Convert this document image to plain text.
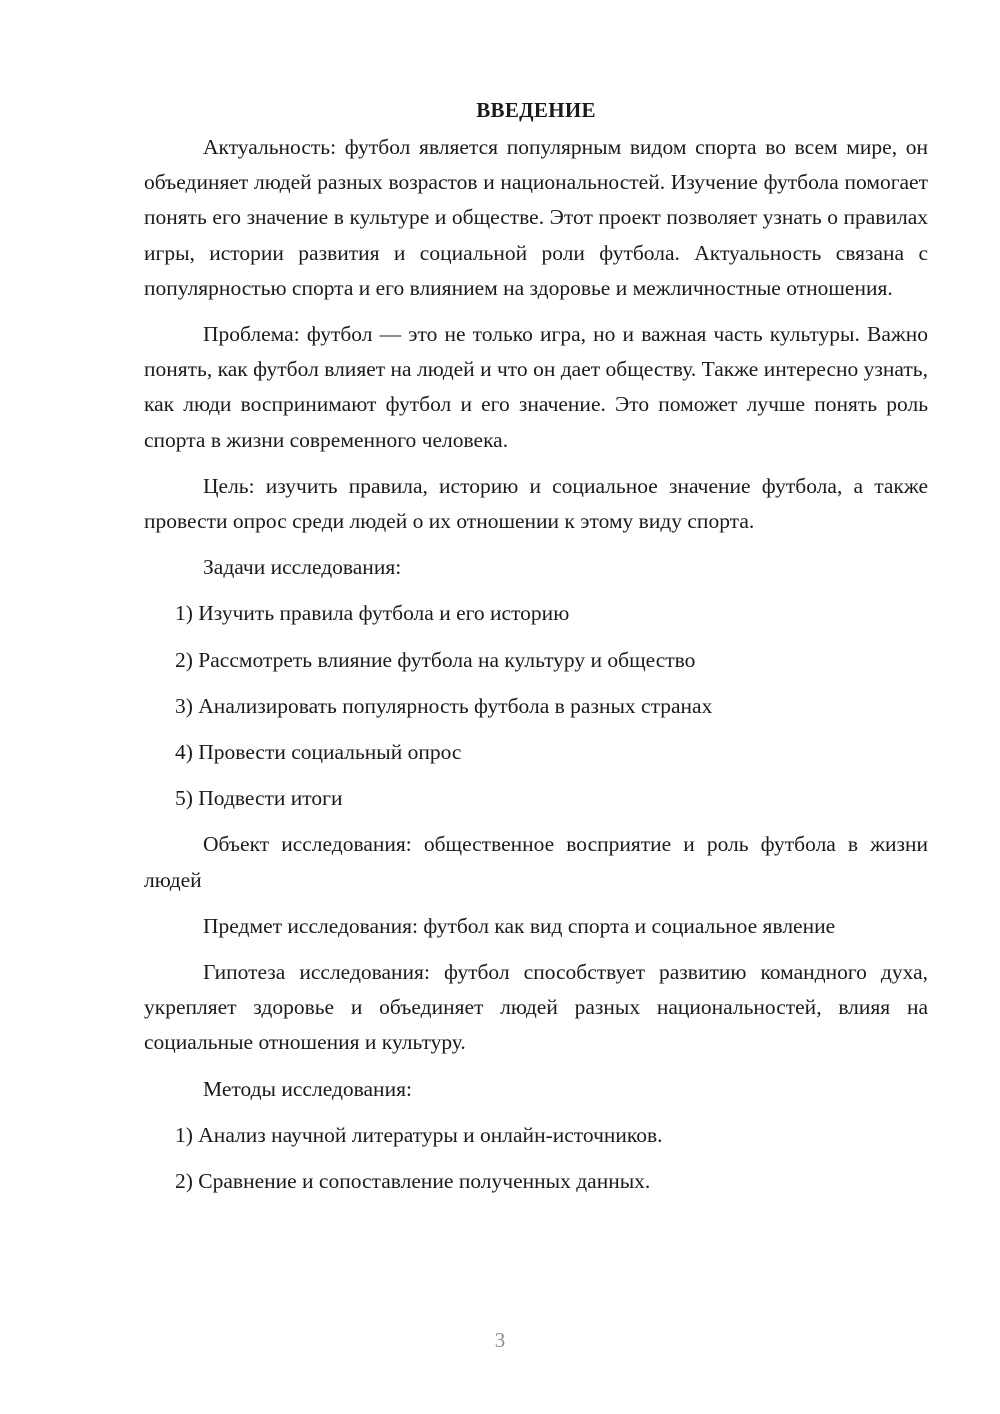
ВВЕДЕНИЕ

Актуальность: футбол является популярным видом спорта во всем мире, он объединяет людей разных возрастов и национальностей. Изучение футбола помогает понять его значение в культуре и обществе. Этот проект позволяет узнать о правилах игры, истории развития и социальной роли футбола. Актуальность связана с популярностью спорта и его влиянием на здоровье и межличностные отношения.

Проблема: футбол — это не только игра, но и важная часть культуры. Важно понять, как футбол влияет на людей и что он дает обществу. Также интересно узнать, как люди воспринимают футбол и его значение. Это поможет лучше понять роль спорта в жизни современного человека.

Цель: изучить правила, историю и социальное значение футбола, а также провести опрос среди людей о их отношении к этому виду спорта.

Задачи исследования:

1) Изучить правила футбола и его историю

2) Рассмотреть влияние футбола на культуру и общество

3) Анализировать популярность футбола в разных странах

4) Провести социальный опрос

5) Подвести итоги

Объект исследования: общественное восприятие и роль футбола в жизни людей

Предмет исследования: футбол как вид спорта и социальное явление

Гипотеза исследования: футбол способствует развитию командного духа, укрепляет здоровье и объединяет людей разных национальностей, влияя на социальные отношения и культуру.

Методы исследования:

1) Анализ научной литературы и онлайн-источников.

2) Сравнение и сопоставление полученных данных.

3
